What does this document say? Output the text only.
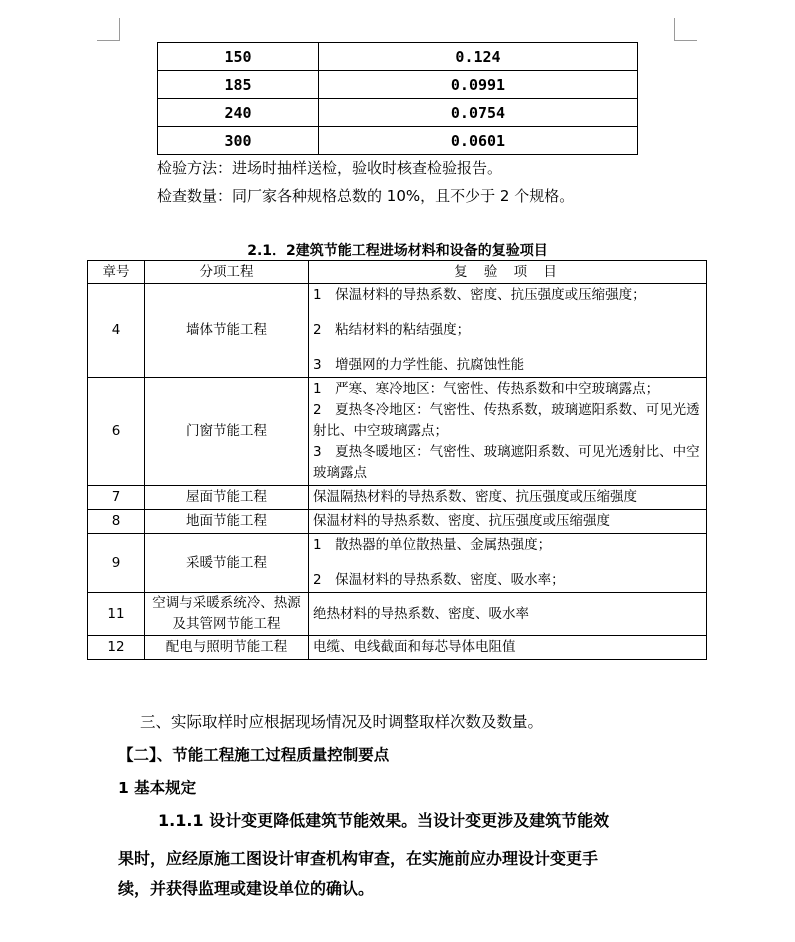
150	0.124
185	0.0991
240	0.0754
300	0.0601
检验方法：进场时抽样送检，验收时核查检验报告。
检查数量：同厂家各种规格总数的 10%，且不少于 2 个规格。
2.1．2建筑节能工程进场材料和设备的复验项目
章号	分项工程	复 验 项 目
4	墙体节能工程	1　保温材料的导热系数、密度、抗压强度或压缩强度；
2　粘结材料的粘结强度；
3　增强网的力学性能、抗腐蚀性能

6	门窗节能工程	1　严寒、寒冷地区：气密性、传热系数和中空玻璃露点；
2　夏热冬冷地区：气密性、传热系数，玻璃遮阳系数、可见光透射比、中空玻璃露点；
3　夏热冬暖地区：气密性、玻璃遮阳系数、可见光透射比、中空玻璃露点

7	屋面节能工程	保温隔热材料的导热系数、密度、抗压强度或压缩强度
8	地面节能工程	保温材料的导热系数、密度、抗压强度或压缩强度
9	采暖节能工程	1　散热器的单位散热量、金属热强度；
2　保温材料的导热系数、密度、吸水率；

11	空调与采暖系统冷、热源及其管网节能工程	绝热材料的导热系数、密度、吸水率
12	配电与照明节能工程	电缆、电线截面和每芯导体电阻值
三、实际取样时应根据现场情况及时调整取样次数及数量。
【二】、节能工程施工过程质量控制要点
1 基本规定
1.1.1 设计变更降低建筑节能效果。当设计变更涉及建筑节能效
果时，应经原施工图设计审查机构审查，在实施前应办理设计变更手
续，并获得监理或建设单位的确认。
